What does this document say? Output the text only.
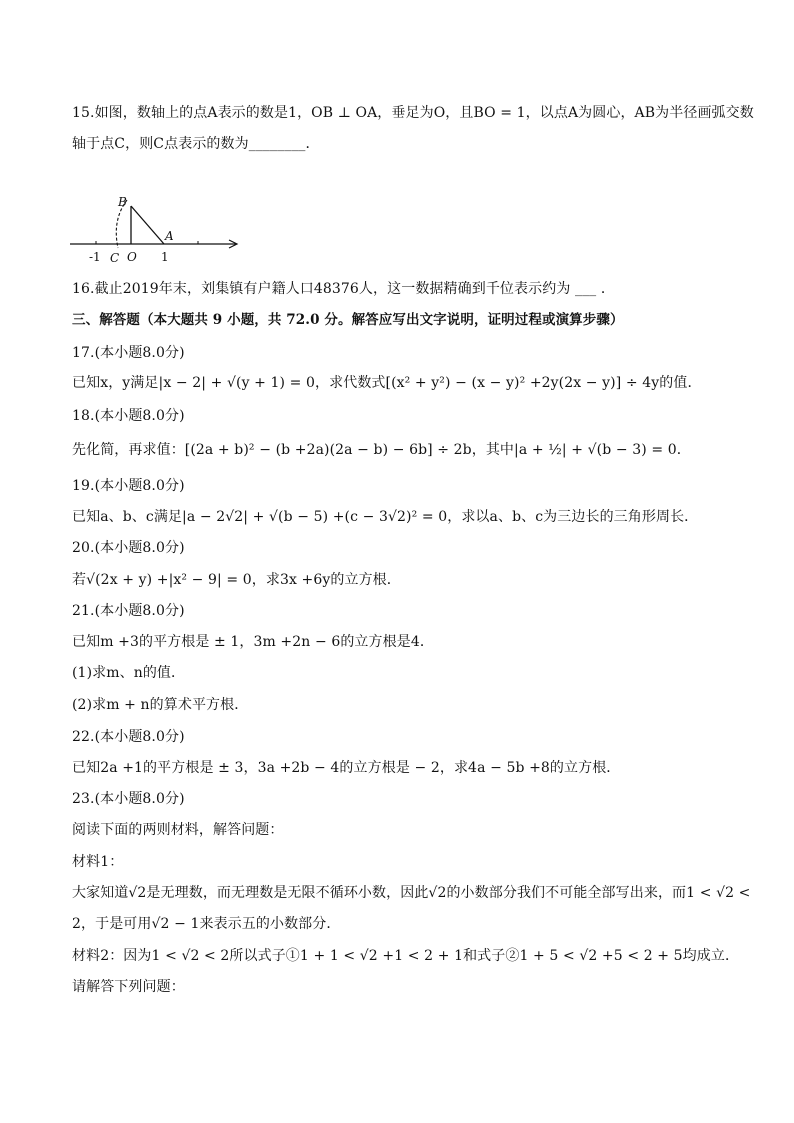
15.如图，数轴上的点A表示的数是1，OB ⊥ OA，垂足为O，且BO = 1，以点A为圆心，AB为半径画弧交数
轴于点C，则C点表示的数为________．
B
A
-1 C O 1
16.截止2019年末，刘集镇有户籍人口48376人，这一数据精确到千位表示约为 ___ ．
三、解答题（本大题共 9 小题，共 72.0 分。解答应写出文字说明，证明过程或演算步骤）
17.(本小题8.0分)
已知x，y满足|x − 2| + √(y + 1) = 0，求代数式[(x² + y²) − (x − y)² +2y(2x − y)] ÷ 4y的值．
18.(本小题8.0分)
先化简，再求值：[(2a + b)² − (b +2a)(2a − b) − 6b] ÷ 2b，其中|a + ½| + √(b − 3) = 0．
19.(本小题8.0分)
已知a、b、c满足|a − 2√2| + √(b − 5) +(c − 3√2)² = 0，求以a、b、c为三边长的三角形周长．
20.(本小题8.0分)
若√(2x + y) +|x² − 9| = 0，求3x +6y的立方根．
21.(本小题8.0分)
已知m +3的平方根是 ± 1，3m +2n − 6的立方根是4．
(1)求m、n的值．
(2)求m + n的算术平方根．
22.(本小题8.0分)
已知2a +1的平方根是 ± 3，3a +2b − 4的立方根是 − 2，求4a − 5b +8的立方根．
23.(本小题8.0分)
阅读下面的两则材料，解答问题：
材料1：
大家知道√2是无理数，而无理数是无限不循环小数，因此√2的小数部分我们不可能全部写出来，而1 < √2 <
2，于是可用√2 − 1来表示五的小数部分．
材料2：因为1 < √2 < 2所以式子①1 + 1 < √2 +1 < 2 + 1和式子②1 + 5 < √2 +5 < 2 + 5均成立．
请解答下列问题：
